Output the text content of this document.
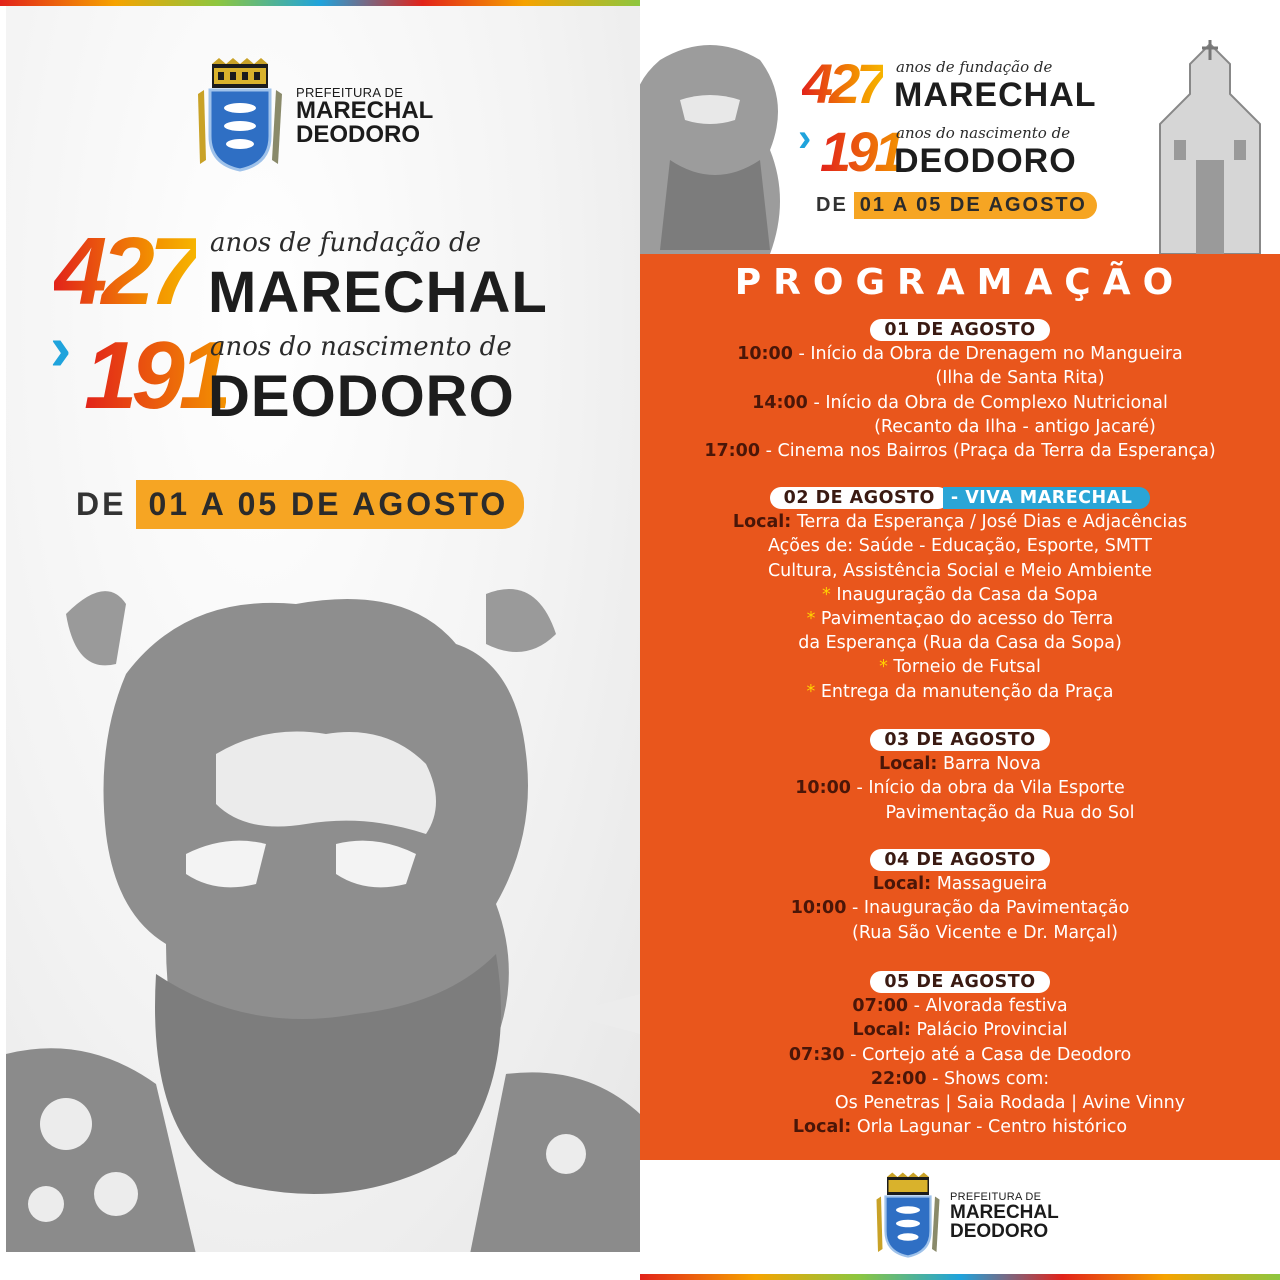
PREFEITURA DE
MARECHAL
DEODORO
427 anos de fundação de
MARECHAL
› 191
anos do nascimento de
DEODORO
DE 01 A 05 DE AGOSTO
427 anos de fundação de
MARECHAL
› 191
anos do nascimento de
DEODORO
DE 01 A 05 DE AGOSTO
PROGRAMAÇÃO
01 DE AGOSTO
10:00 - Início da Obra de Drenagem no Mangueira
(Ilha de Santa Rita)
14:00 - Início da Obra de Complexo Nutricional
(Recanto da Ilha - antigo Jacaré)
17:00 - Cinema nos Bairros (Praça da Terra da Esperança)
02 DE AGOSTO - VIVA MARECHAL
Local: Terra da Esperança / José Dias e Adjacências
Ações de: Saúde - Educação, Esporte, SMTT
Cultura, Assistência Social e Meio Ambiente
* Inauguração da Casa da Sopa
* Pavimentaçao do acesso do Terra
da Esperança (Rua da Casa da Sopa)
* Torneio de Futsal
* Entrega da manutenção da Praça
03 DE AGOSTO
Local: Barra Nova
10:00 - Início da obra da Vila Esporte
Pavimentação da Rua do Sol
04 DE AGOSTO
Local: Massagueira
10:00 - Inauguração da Pavimentação
(Rua São Vicente e Dr. Marçal)
05 DE AGOSTO
07:00 - Alvorada festiva
Local: Palácio Provincial
07:30 - Cortejo até a Casa de Deodoro
22:00 - Shows com:
Os Penetras | Saia Rodada | Avine Vinny
Local: Orla Lagunar - Centro histórico
PREFEITURA DE
MARECHAL
DEODORO
